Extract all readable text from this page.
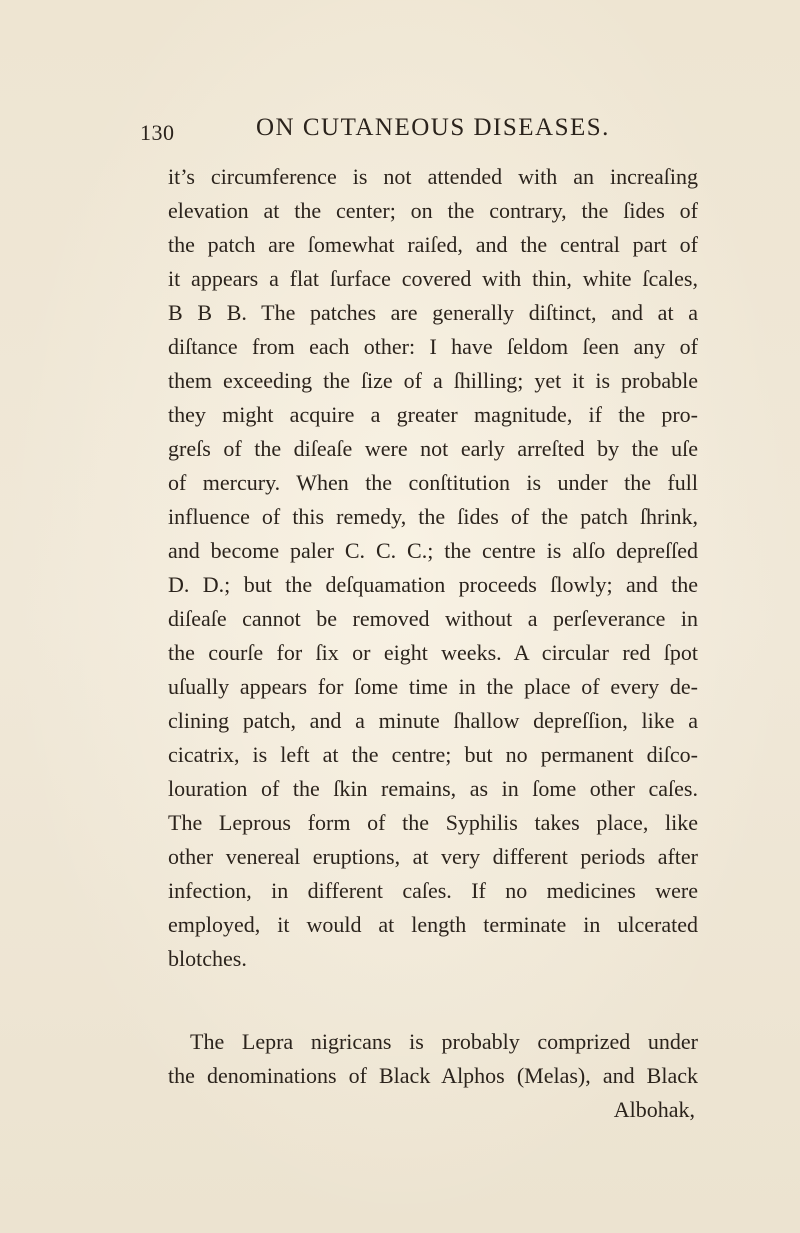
130	ON CUTANEOUS DISEASES.
it’s circumference is not attended with an increaſing
elevation at the center; on the contrary, the ſides of
the patch are ſomewhat raiſed, and the central part of
it appears a flat ſurface covered with thin, white ſcales,
B B B. The patches are generally diſtinct, and at a
diſtance from each other: I have ſeldom ſeen any of
them exceeding the ſize of a ſhilling; yet it is probable
they might acquire a greater magnitude, if the pro-
greſs of the diſeaſe were not early arreſted by the uſe
of mercury. When the conſtitution is under the full
influence of this remedy, the ſides of the patch ſhrink,
and become paler C. C. C.; the centre is alſo depreſſed
D. D.; but the deſquamation proceeds ſlowly; and the
diſeaſe cannot be removed without a perſeverance in
the courſe for ſix or eight weeks. A circular red ſpot
uſually appears for ſome time in the place of every de-
clining patch, and a minute ſhallow depreſſion, like a
cicatrix, is left at the centre; but no permanent diſco-
louration of the ſkin remains, as in ſome other caſes.
The Leprous form of the Syphilis takes place, like
other venereal eruptions, at very different periods after
infection, in different caſes. If no medicines were
employed, it would at length terminate in ulcerated
blotches.
The Lepra nigricans is probably comprized under
the denominations of Black Alphos (Melas), and Black
Albohak,
